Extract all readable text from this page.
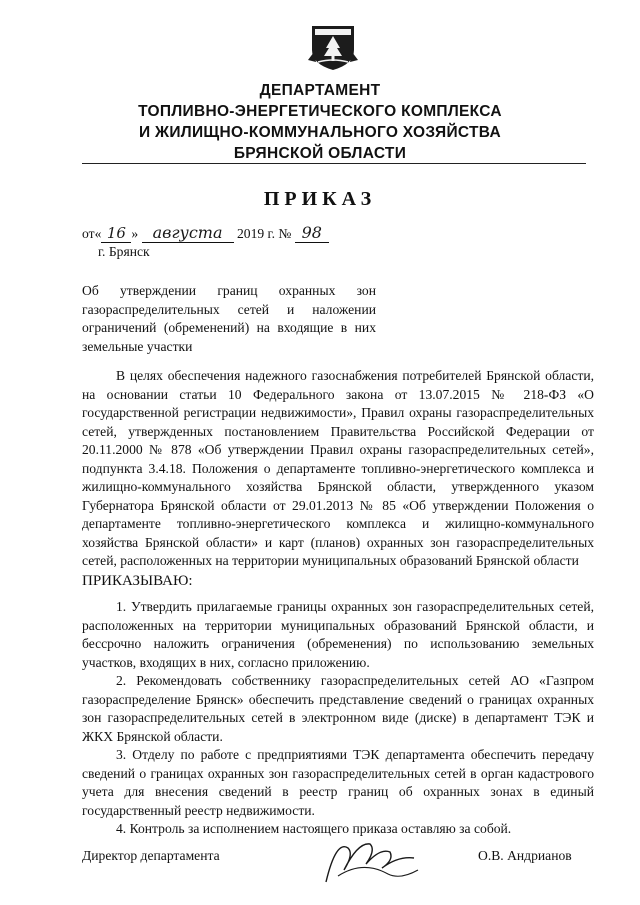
ДЕПАРТАМЕНТ
ТОПЛИВНО-ЭНЕРГЕТИЧЕСКОГО КОМПЛЕКСА
И ЖИЛИЩНО-КОММУНАЛЬНОГО ХОЗЯЙСТВА
БРЯНСКОЙ ОБЛАСТИ
ПРИКАЗ
от« 16 » августа 2019 г. № 98
г. Брянск
Об утверждении границ охранных зон газораспределительных сетей и наложении ограничений (обременений) на входящие в них земельные участки

В целях обеспечения надежного газоснабжения потребителей Брянской области, на основании статьи 10 Федерального закона от 13.07.2015 № 218-ФЗ «О государственной регистрации недвижимости», Правил охраны газораспределительных сетей, утвержденных постановлением Правительства Российской Федерации от 20.11.2000 № 878 «Об утверждении Правил охраны газораспределительных сетей», подпункта 3.4.18. Положения о департаменте топливно-энергетического комплекса и жилищно-коммунального хозяйства Брянской области, утвержденного указом Губернатора Брянской области от 29.01.2013 № 85 «Об утверждении Положения о департаменте топливно-энергетического комплекса и жилищно-коммунального хозяйства Брянской области» и карт (планов) охранных зон газораспределительных сетей, расположенных на территории муниципальных образований Брянской области

ПРИКАЗЫВАЮ:

1. Утвердить прилагаемые границы охранных зон газораспределительных сетей, расположенных на территории муниципальных образований Брянской области, и бессрочно наложить ограничения (обременения) по использованию земельных участков, входящих в них, согласно приложению.

2. Рекомендовать собственнику газораспределительных сетей АО «Газпром газораспределение Брянск» обеспечить представление сведений о границах охранных зон газораспределительных сетей в электронном виде (диске) в департамент ТЭК и ЖКХ Брянской области.

3. Отделу по работе с предприятиями ТЭК департамента обеспечить передачу сведений о границах охранных зон газораспределительных сетей в орган кадастрового учета для внесения сведений в реестр границ об охранных зонах в единый государственный реестр недвижимости.

4. Контроль за исполнением настоящего приказа оставляю за собой.

Директор департамента	О.В. Андрианов
